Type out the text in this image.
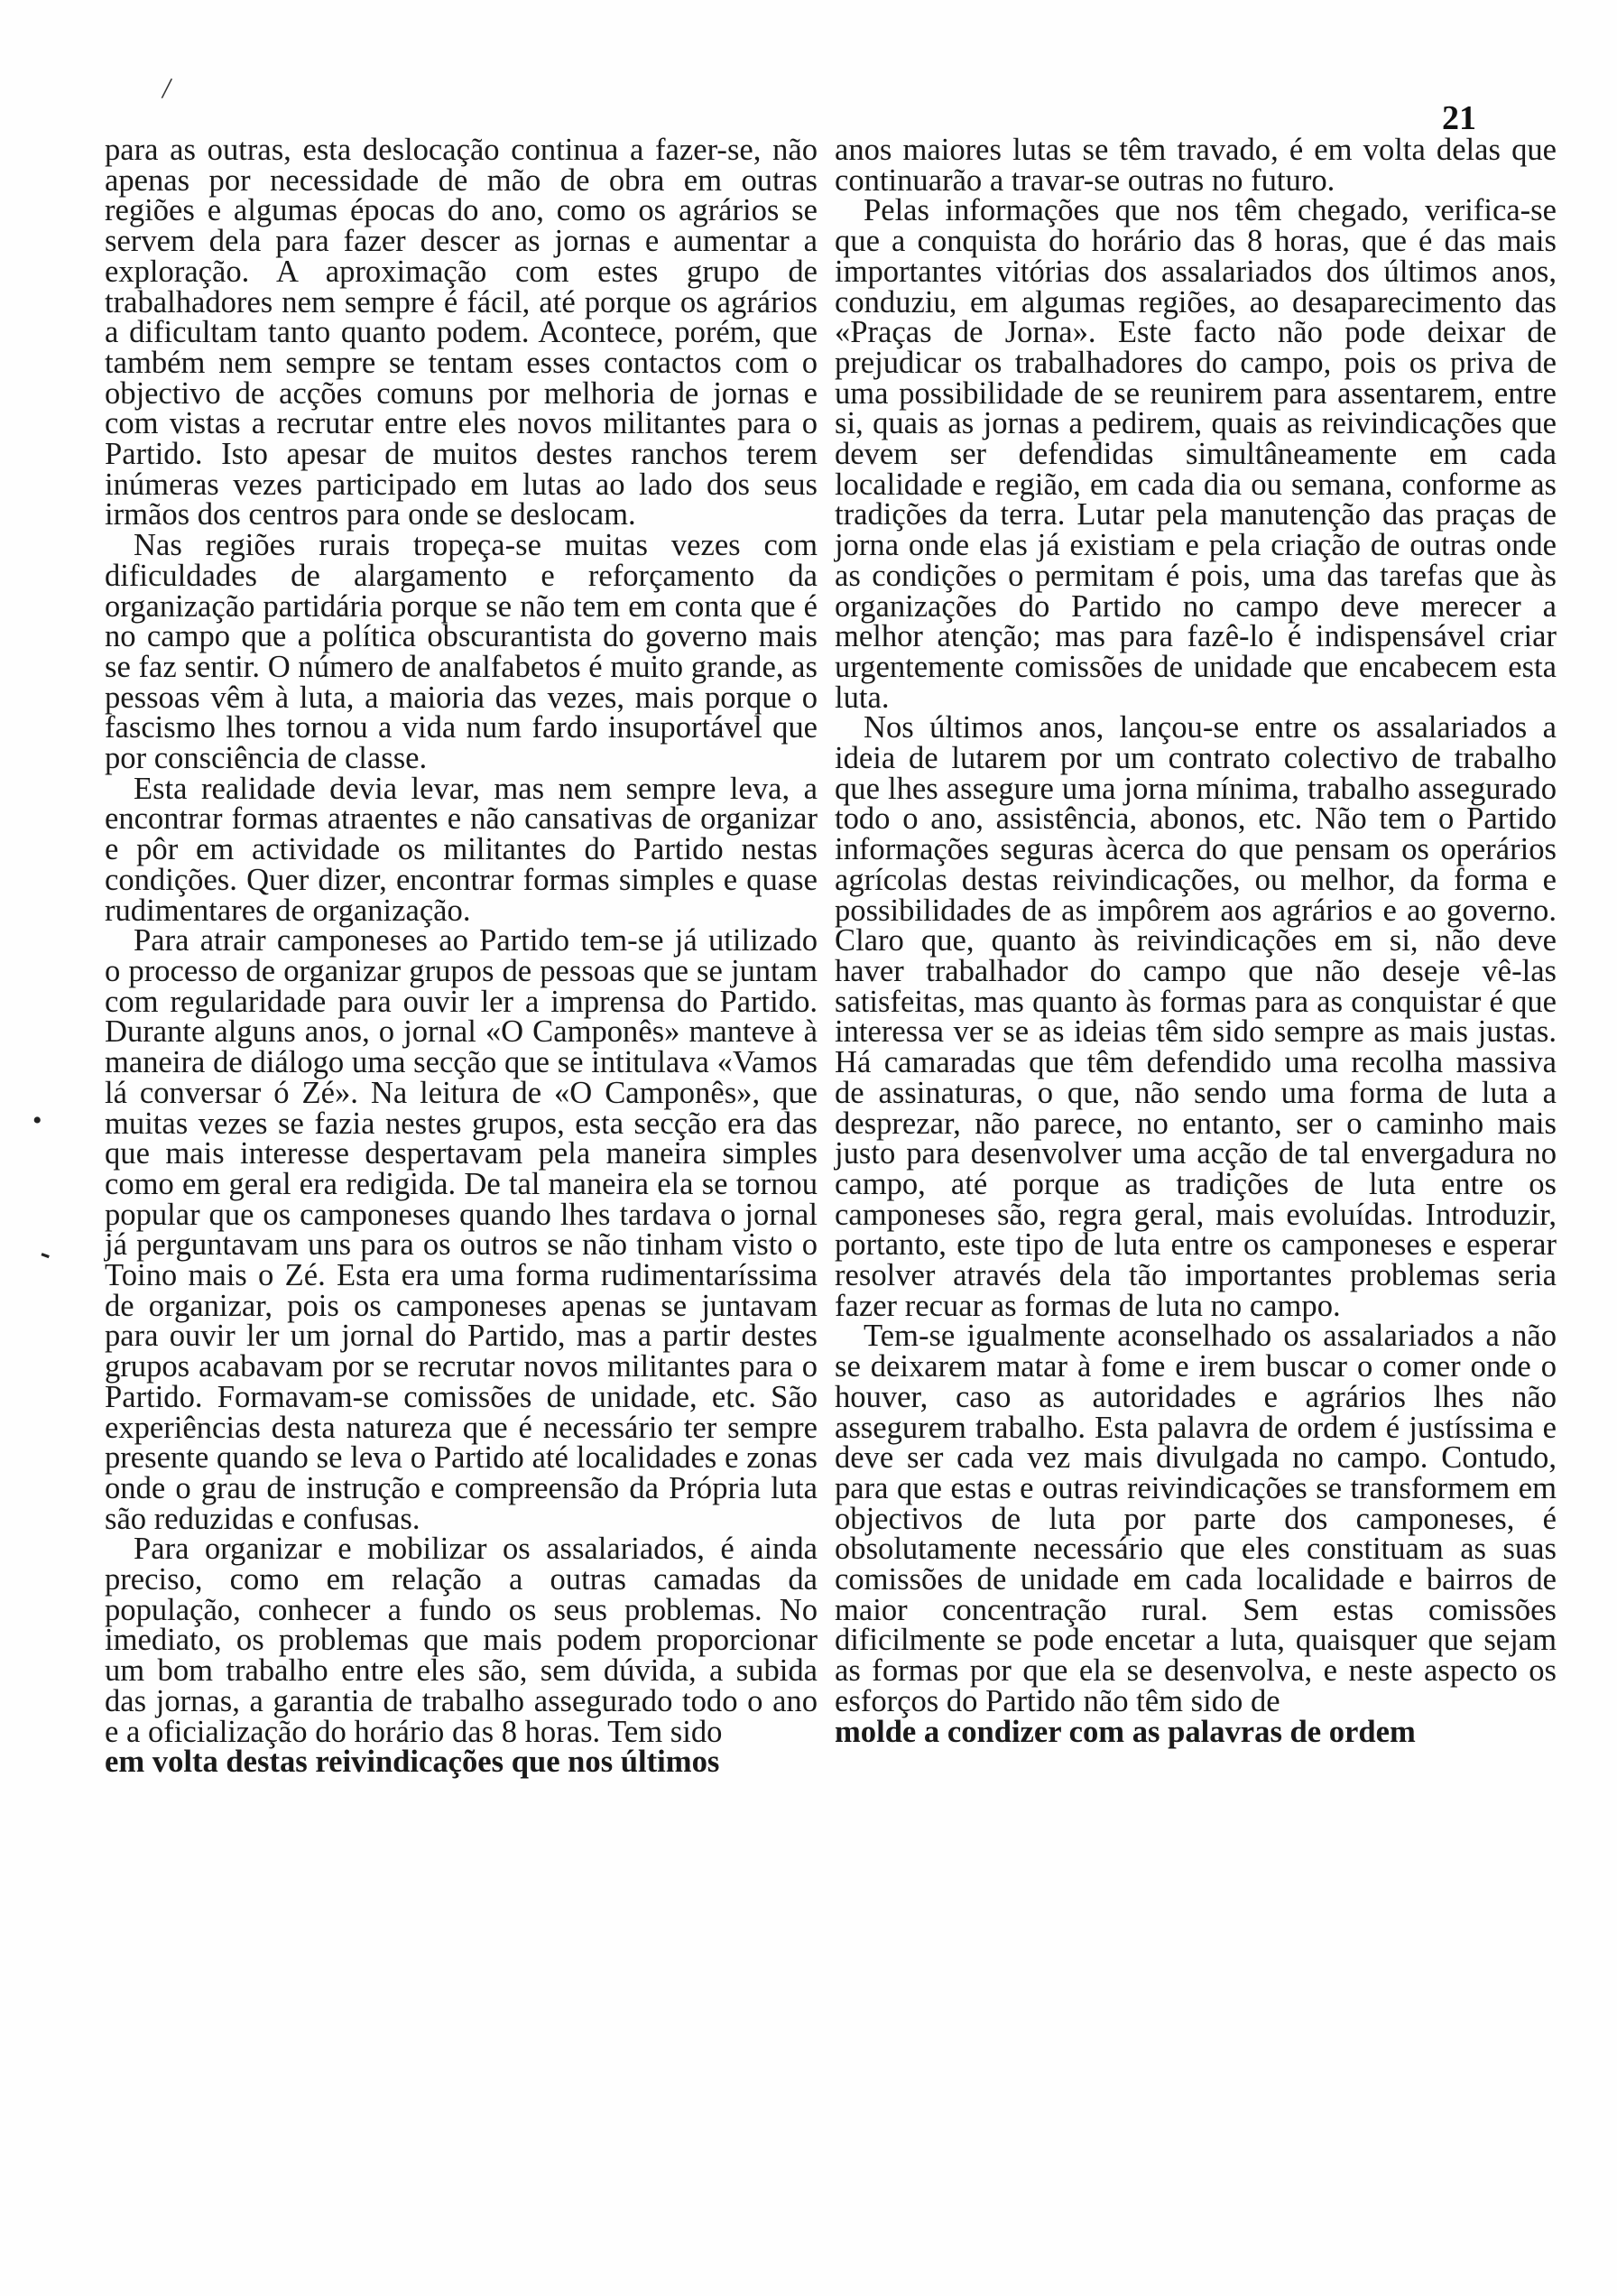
/
21
•
⁃

para as outras, esta deslocação continua a fazer-se, não apenas por necessidade de mão de obra em outras regiões e algumas épocas do ano, como os agrários se servem dela para fazer descer as jornas e aumentar a exploração. A aproximação com estes grupo de trabalhadores nem sempre é fácil, até porque os agrários a dificultam tanto quanto podem. Acontece, porém, que também nem sempre se tentam esses contactos com o objectivo de acções comuns por melhoria de jornas e com vistas a recrutar entre eles novos militantes para o Partido. Isto apesar de muitos destes ranchos terem inúmeras vezes participado em lutas ao lado dos seus irmãos dos centros para onde se deslocam.

Nas regiões rurais tropeça-se muitas vezes com dificuldades de alargamento e reforçamento da organização partidária porque se não tem em conta que é no campo que a política obscurantista do governo mais se faz sentir. O número de analfabetos é muito grande, as pessoas vêm à luta, a maioria das vezes, mais porque o fascismo lhes tornou a vida num fardo insuportável que por consciência de classe.

Esta realidade devia levar, mas nem sempre leva, a encontrar formas atraentes e não cansativas de organizar e pôr em actividade os militantes do Partido nestas condições. Quer dizer, encontrar formas simples e quase rudimentares de organização.

Para atrair camponeses ao Partido tem-se já utilizado o processo de organizar grupos de pessoas que se juntam com regularidade para ouvir ler a imprensa do Partido. Durante alguns anos, o jornal «O Camponês» manteve à maneira de diálogo uma secção que se intitulava «Vamos lá conversar ó Zé». Na leitura de «O Camponês», que muitas vezes se fazia nestes grupos, esta secção era das que mais interesse despertavam pela maneira simples como em geral era redigida. De tal maneira ela se tornou popular que os camponeses quando lhes tardava o jornal já perguntavam uns para os outros se não tinham visto o Toino mais o Zé. Esta era uma forma rudimentaríssima de organizar, pois os camponeses apenas se juntavam para ouvir ler um jornal do Partido, mas a partir destes grupos acabavam por se recrutar novos militantes para o Partido. Formavam-se comissões de unidade, etc. São experiências desta natureza que é necessário ter sempre presente quando se leva o Partido até localidades e zonas onde o grau de instrução e compreensão da Própria luta são reduzidas e confusas.

Para organizar e mobilizar os assalariados, é ainda preciso, como em relação a outras camadas da população, conhecer a fundo os seus problemas. No imediato, os problemas que mais podem proporcionar um bom trabalho entre eles são, sem dúvida, a subida das jornas, a garantia de trabalho assegurado todo o ano e a oficialização do horário das 8 horas. Tem sido

em volta destas reivindicações que nos últimos

anos maiores lutas se têm travado, é em volta delas que continuarão a travar-se outras no futuro.

Pelas informações que nos têm chegado, verifica-se que a conquista do horário das 8 horas, que é das mais importantes vitórias dos assalariados dos últimos anos, conduziu, em algumas regiões, ao desaparecimento das «Praças de Jorna». Este facto não pode deixar de prejudicar os trabalhadores do campo, pois os priva de uma possibilidade de se reunirem para assentarem, entre si, quais as jornas a pedirem, quais as reivindicações que devem ser defendidas simultâneamente em cada localidade e região, em cada dia ou semana, conforme as tradições da terra. Lutar pela manutenção das praças de jorna onde elas já existiam e pela criação de outras onde as condições o permitam é pois, uma das tarefas que às organizações do Partido no campo deve merecer a melhor atenção; mas para fazê-lo é indispensável criar urgentemente comissões de unidade que encabecem esta luta.

Nos últimos anos, lançou-se entre os assalariados a ideia de lutarem por um contrato colectivo de trabalho que lhes assegure uma jorna mínima, trabalho assegurado todo o ano, assistência, abonos, etc. Não tem o Partido informações seguras àcerca do que pensam os operários agrícolas destas reivindicações, ou melhor, da forma e possibilidades de as impôrem aos agrários e ao governo. Claro que, quanto às reivindicações em si, não deve haver trabalhador do campo que não deseje vê-las satisfeitas, mas quanto às formas para as conquistar é que interessa ver se as ideias têm sido sempre as mais justas. Há camaradas que têm defendido uma recolha massiva de assinaturas, o que, não sendo uma forma de luta a desprezar, não parece, no entanto, ser o caminho mais justo para desenvolver uma acção de tal envergadura no campo, até porque as tradições de luta entre os camponeses são, regra geral, mais evoluídas. Introduzir, portanto, este tipo de luta entre os camponeses e esperar resolver através dela tão importantes problemas seria fazer recuar as formas de luta no campo.

Tem-se igualmente aconselhado os assalariados a não se deixarem matar à fome e irem buscar o comer onde o houver, caso as autoridades e agrários lhes não assegurem trabalho. Esta palavra de ordem é justíssima e deve ser cada vez mais divulgada no campo. Contudo, para que estas e outras reivindicações se transformem em objectivos de luta por parte dos camponeses, é obsolutamente necessário que eles constituam as suas comissões de unidade em cada localidade e bairros de maior concentração rural. Sem estas comissões dificilmente se pode encetar a luta, quaisquer que sejam as formas por que ela se desenvolva, e neste aspecto os esforços do Partido não têm sido de

molde a condizer com as palavras de ordem
